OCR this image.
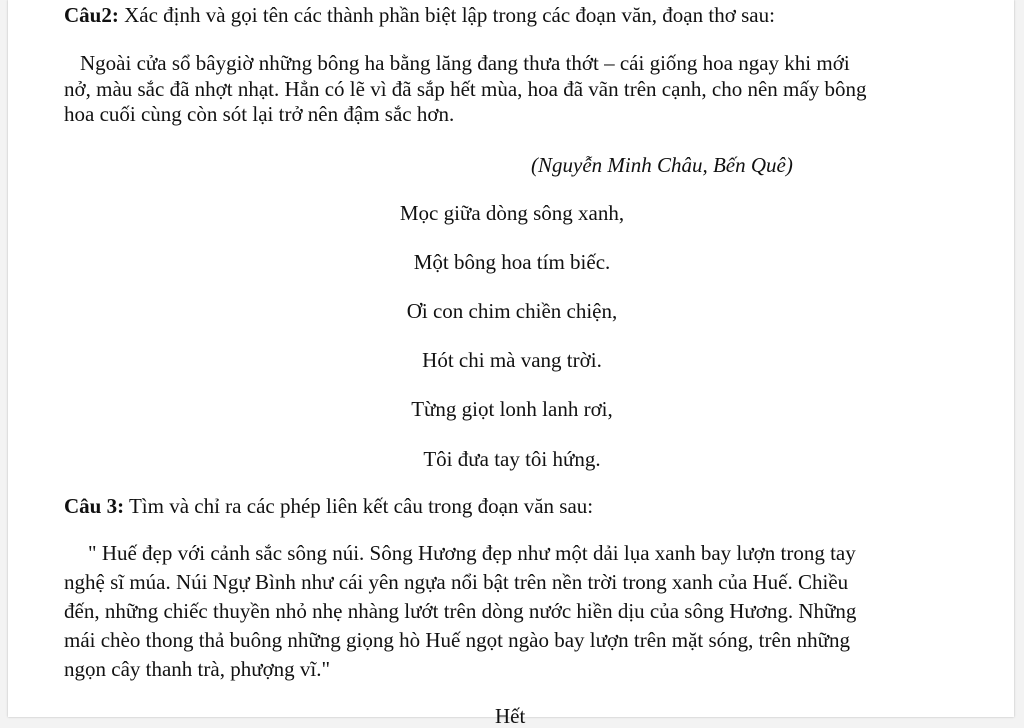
Câu2: Xác định và gọi tên các thành phần biệt lập trong các đoạn văn, đoạn thơ sau:
Ngoài cửa sổ bâygiờ những bông ha bằng lăng đang thưa thớt – cái giống hoa ngay khi mới
nở, màu sắc đã nhợt nhạt. Hẳn có lẽ vì đã sắp hết mùa, hoa đã vãn trên cạnh, cho nên mấy bông
hoa cuối cùng còn sót lại trở nên đậm sắc hơn.
(Nguyễn Minh Châu, Bến Quê)
Mọc giữa dòng sông xanh,
Một bông hoa tím biếc.
Ơi con chim chiền chiện,
Hót chi mà vang trời.
Từng giọt lonh lanh rơi,
Tôi đưa tay tôi hứng.
Câu 3: Tìm và chỉ ra các phép liên kết câu trong đoạn văn sau:
" Huế đẹp với cảnh sắc sông núi. Sông Hương đẹp như một dải lụa xanh bay lượn trong tay
nghệ sĩ múa. Núi Ngự Bình như cái yên ngựa nổi bật trên nền trời trong xanh của Huế. Chiều
đến, những chiếc thuyền nhỏ nhẹ nhàng lướt trên dòng nước hiền dịu của sông Hương. Những
mái chèo thong thả buông những giọng hò Huế ngọt ngào bay lượn trên mặt sóng, trên những
ngọn cây thanh trà, phượng vĩ."
Hết
